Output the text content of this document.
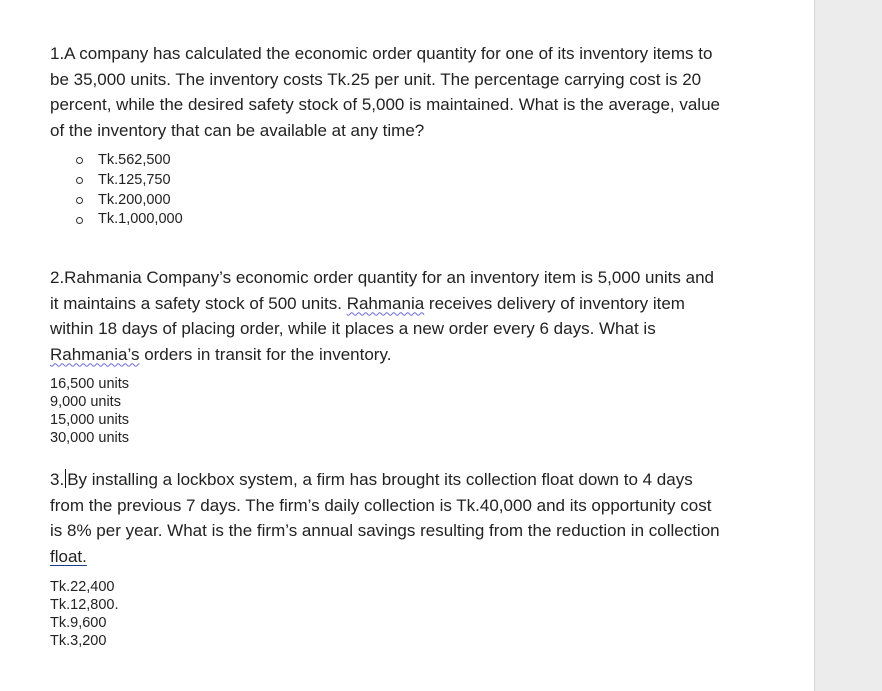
1.A company has calculated the economic order quantity for one of its inventory items to be 35,000 units. The inventory costs Tk.25 per unit. The percentage carrying cost is 20 percent, while the desired safety stock of 5,000 is maintained. What is the average, value of the inventory that can be available at any time?
Tk.562,500
Tk.125,750
Tk.200,000
Tk.1,000,000
2.Rahmania Company’s economic order quantity for an inventory item is 5,000 units and it maintains a safety stock of 500 units. Rahmania receives delivery of inventory item within 18 days of placing order, while it places a new order every 6 days. What is Rahmania’s orders in transit for the inventory.
16,500 units
9,000 units
15,000 units
30,000 units
3. By installing a lockbox system, a firm has brought its collection float down to 4 days from the previous 7 days. The firm’s daily collection is Tk.40,000 and its opportunity cost is 8% per year. What is the firm’s annual savings resulting from the reduction in collection float.
Tk.22,400
Tk.12,800.
Tk.9,600
Tk.3,200
